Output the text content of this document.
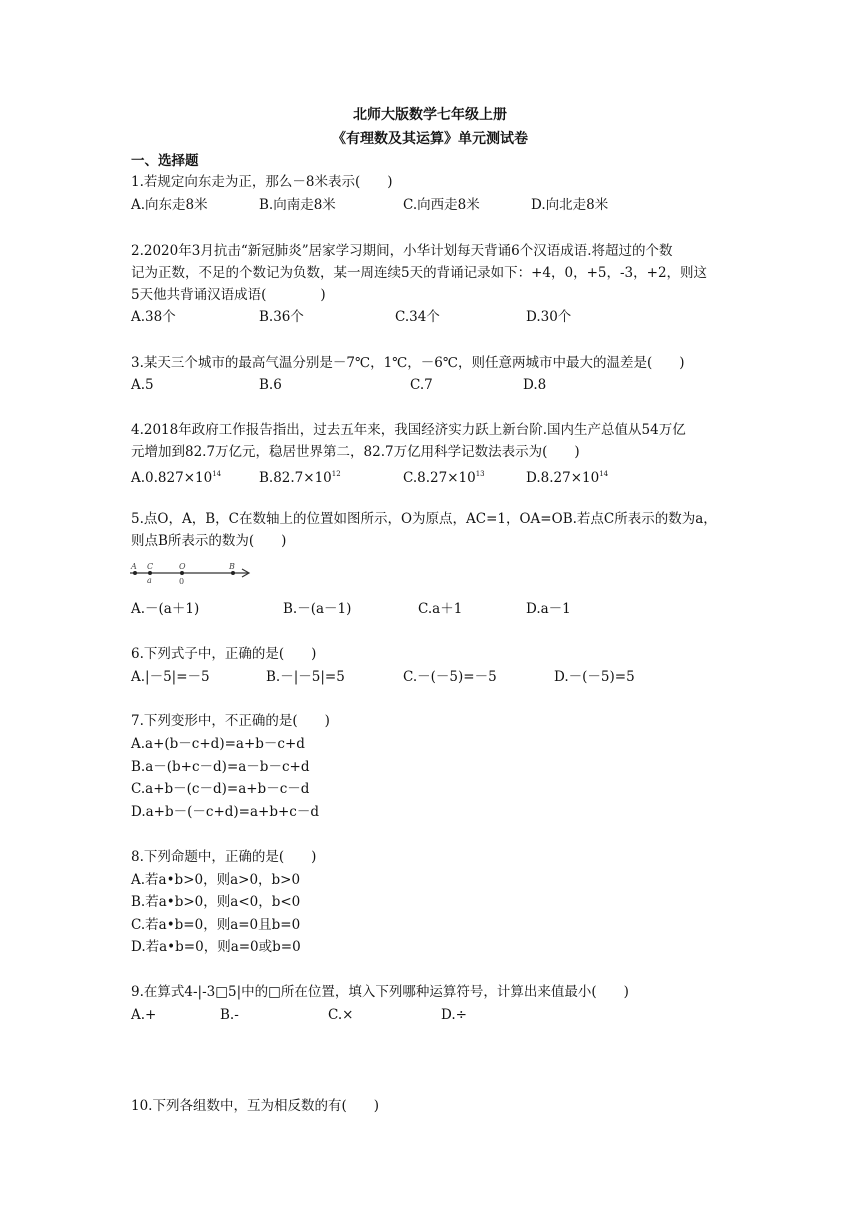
北师大版数学七年级上册
《有理数及其运算》单元测试卷
一、选择题
1.若规定向东走为正，那么－8米表示(　　)
A.向东走8米	B.向南走8米	C.向西走8米	D.向北走8米
2.2020年3月抗击“新冠肺炎”居家学习期间，小华计划每天背诵6个汉语成语.将超过的个数
记为正数，不足的个数记为负数，某一周连续5天的背诵记录如下：+4，0，+5，-3，+2，则这
5天他共背诵汉语成语(　　　　)
A.38个	B.36个	C.34个	D.30个
3.某天三个城市的最高气温分别是－7℃，1℃，－6℃，则任意两城市中最大的温差是(　　)
A.5	B.6	C.7	D.8
4.2018年政府工作报告指出，过去五年来，我国经济实力跃上新台阶.国内生产总值从54万亿
元增加到82.7万亿元，稳居世界第二，82.7万亿用科学记数法表示为(　　)
$A.0.827\times 10^{14}$	$B.82.7\times 10^{12}$	$C.8.27\times 10^{13}$	$D.8.27\times 10^{14}$
5.点O，A，B，C在数轴上的位置如图所示，O为原点，AC=1，OA=OB.若点C所表示的数为a，
则点B所表示的数为(　　)
A C	O	B
a	0
A.－(a＋1)	B.－(a－1)	C.a＋1	D.a－1
6.下列式子中，正确的是(　　)
A.|－5|=－5	B.－|－5|=5	C.－(－5)=－5	D.－(－5)=5
7.下列变形中，不正确的是(　　)
A.a+(b－c+d)=a+b－c+d
B.a－(b+c－d)=a－b－c+d
C.a+b－(c－d)=a+b－c－d
D.a+b－(－c+d)=a+b+c－d
8.下列命题中，正确的是(　　)
A.若a•b>0，则a>0，b>0
B.若a•b>0，则a<0，b<0
C.若a•b=0，则a=0且b=0
D.若a•b=0，则a=0或b=0
9.在算式4-|-3□5|中的□所在位置，填入下列哪种运算符号，计算出来值最小(　　)
A.+	B.-	C.×	D.÷
10.下列各组数中，互为相反数的有(　　)
